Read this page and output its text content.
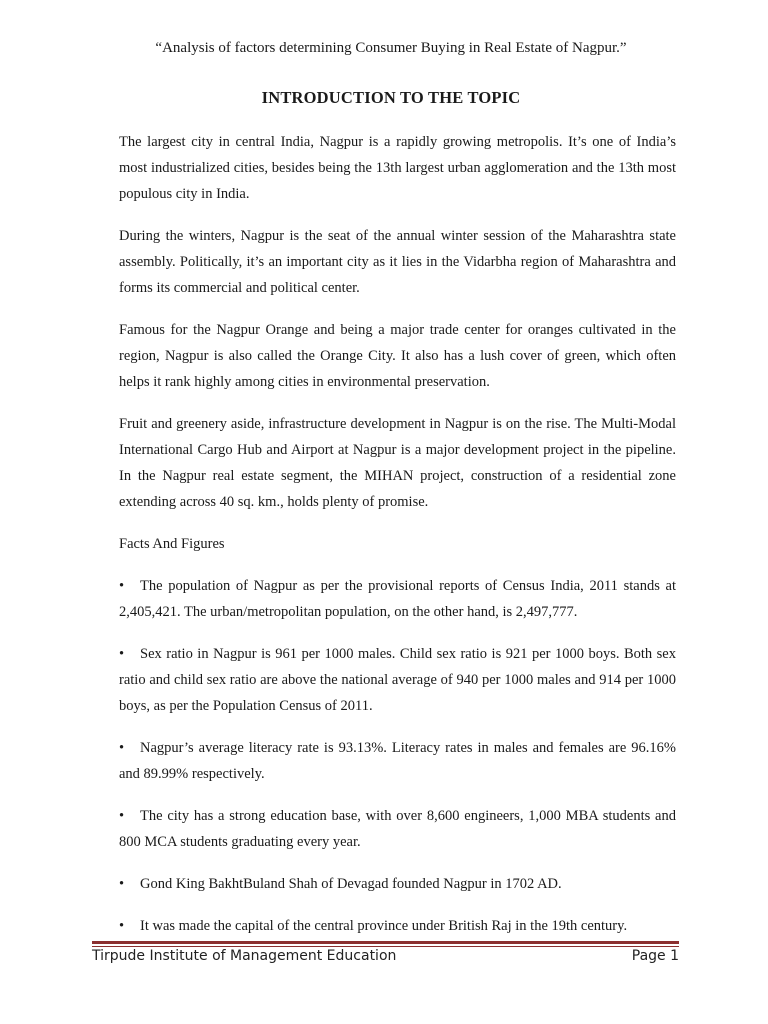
“Analysis of factors determining Consumer Buying in Real Estate of Nagpur.”
INTRODUCTION TO THE TOPIC

The largest city in central India, Nagpur is a rapidly growing metropolis. It’s one of India’s most industrialized cities, besides being the 13th largest urban agglomeration and the 13th most populous city in India.

During the winters, Nagpur is the seat of the annual winter session of the Maharashtra state assembly. Politically, it’s an important city as it lies in the Vidarbha region of Maharashtra and forms its commercial and political center.

Famous for the Nagpur Orange and being a major trade center for oranges cultivated in the region, Nagpur is also called the Orange City. It also has a lush cover of green, which often helps it rank highly among cities in environmental preservation.

Fruit and greenery aside, infrastructure development in Nagpur is on the rise. The Multi-Modal International Cargo Hub and Airport at Nagpur is a major development project in the pipeline. In the Nagpur real estate segment, the MIHAN project, construction of a residential zone extending across 40 sq. km., holds plenty of promise.

Facts And Figures

• The population of Nagpur as per the provisional reports of Census India, 2011 stands at 2,405,421. The urban/metropolitan population, on the other hand, is 2,497,777.

• Sex ratio in Nagpur is 961 per 1000 males. Child sex ratio is 921 per 1000 boys. Both sex ratio and child sex ratio are above the national average of 940 per 1000 males and 914 per 1000 boys, as per the Population Census of 2011.

• Nagpur’s average literacy rate is 93.13%. Literacy rates in males and females are 96.16% and 89.99% respectively.

• The city has a strong education base, with over 8,600 engineers, 1,000 MBA students and 800 MCA students graduating every year.

• Gond King BakhtBuland Shah of Devagad founded Nagpur in 1702 AD.

• It was made the capital of the central province under British Raj in the 19th century.

Tirpude Institute of Management Education	Page 1
